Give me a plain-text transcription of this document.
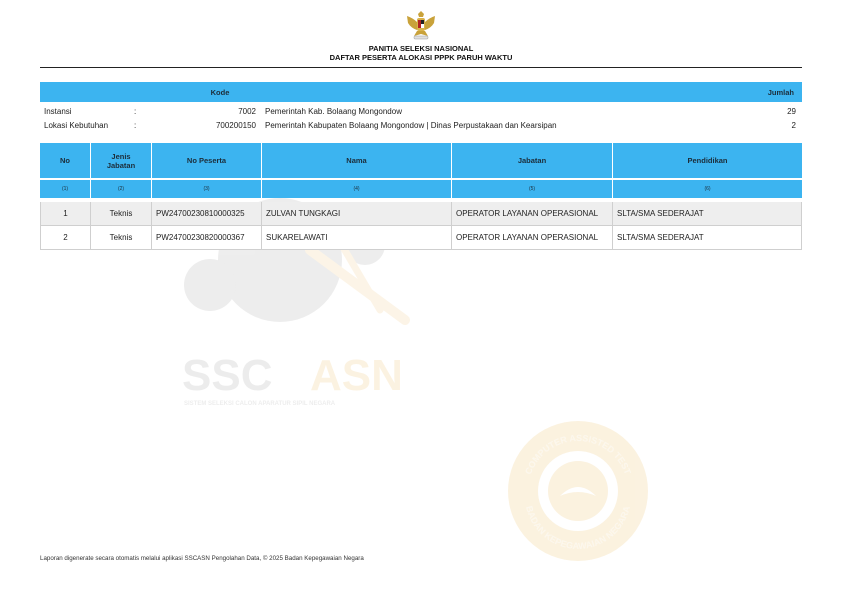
SSC ASN
SISTEM SELEKSI CALON APARATUR SIPIL NEGARA
COMPUTER ASSISTED TEST
BADAN KEPEGAWAIAN NEGARA
PANITIA SELEKSI NASIONAL
DAFTAR PESERTA ALOKASI PPPK PARUH WAKTU
Kode	Jumlah
Instansi	:	7002 Pemerintah Kab. Bolaang Mongondow	29
Lokasi Kebutuhan	:	700200150 Pemerintah Kabupaten Bolaang Mongondow | Dinas Perpustakaan dan Kearsipan	2
No	Jenis Jabatan	No Peserta	Nama	Jabatan	Pendidikan
(1)	(2)	(3)	(4)	(5)	(6)
1	Teknis	PW24700230810000325	ZULVAN TUNGKAGI	OPERATOR LAYANAN OPERASIONAL	SLTA/SMA SEDERAJAT
2	Teknis	PW24700230820000367	SUKARELAWATI	OPERATOR LAYANAN OPERASIONAL	SLTA/SMA SEDERAJAT
Laporan digenerate secara otomatis melalui aplikasi SSCASN Pengolahan Data, © 2025 Badan Kepegawaian Negara
